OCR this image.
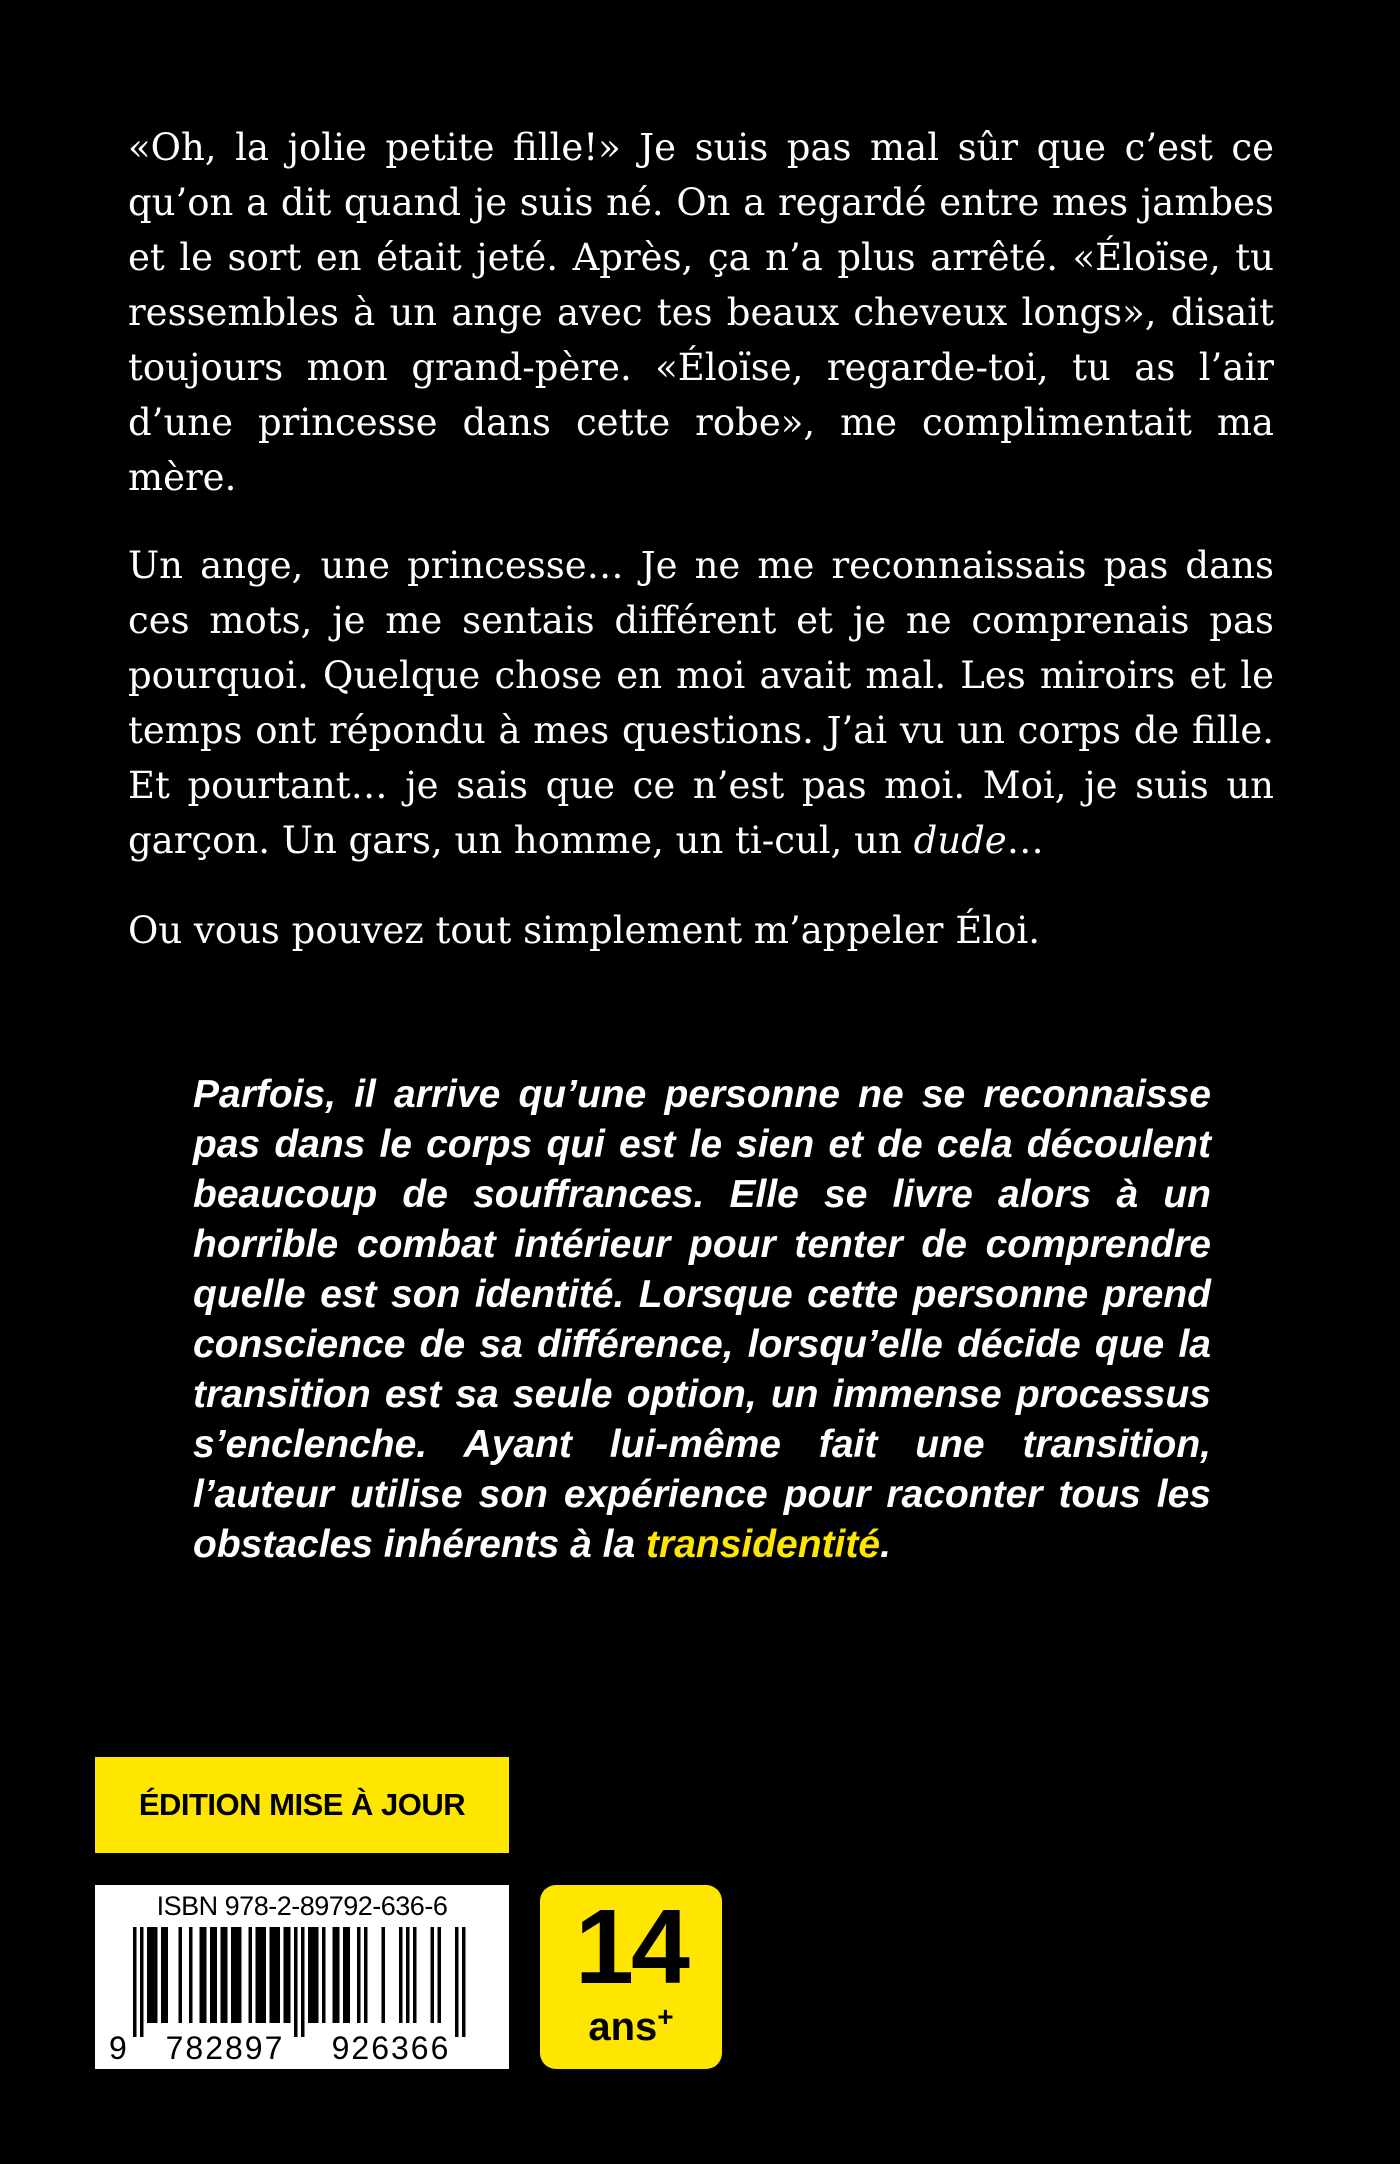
«Oh, la jolie petite fille!» Je suis pas mal sûr que c’est ce qu’on a dit quand je suis né. On a regardé entre mes jambes et le sort en était jeté. Après, ça n’a plus arrêté. «Éloïse, tu ressembles à un ange avec tes beaux cheveux longs», disait toujours mon grand-père. «Éloïse, regarde-toi, tu as l’air d’une princesse dans cette robe», me complimentait ma mère.

Un ange, une princesse… Je ne me reconnaissais pas dans ces mots, je me sentais différent et je ne comprenais pas pourquoi. Quelque chose en moi avait mal. Les miroirs et le temps ont répondu à mes questions. J’ai vu un corps de fille. Et pourtant… je sais que ce n’est pas moi. Moi, je suis un garçon. Un gars, un homme, un ti-cul, un dude…

Ou vous pouvez tout simplement m’appeler Éloi.

Parfois, il arrive qu’une personne ne se reconnaisse pas dans le corps qui est le sien et de cela découlent beaucoup de souffrances. Elle se livre alors à un horrible combat intérieur pour tenter de comprendre quelle est son identité. Lorsque cette personne prend conscience de sa différence, lorsqu’elle décide que la transition est sa seule option, un immense processus s’enclenche. Ayant lui-même fait une transition, l’auteur utilise son expérience pour raconter tous les obstacles inhérents à la transidentité.

ÉDITION MISE À JOUR
ISBN 978-2-89792-636-6
9 782897 926366
14
ans+
